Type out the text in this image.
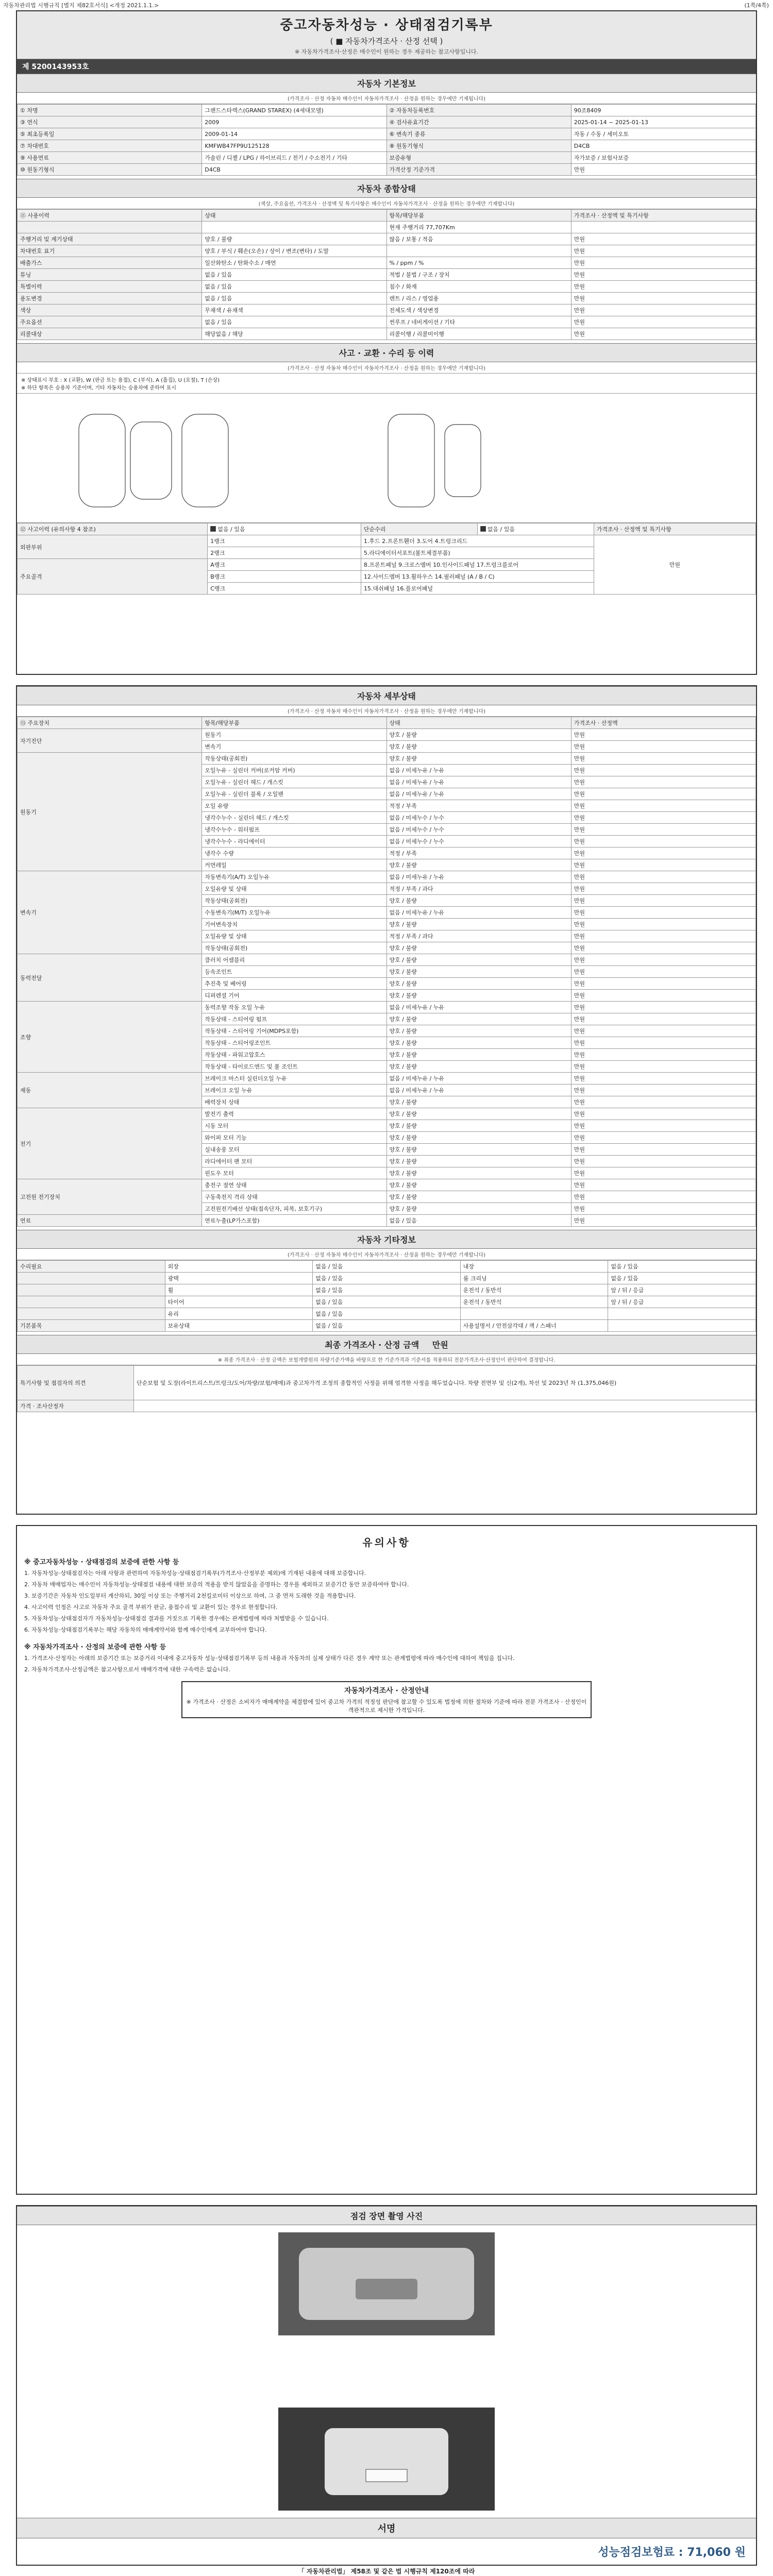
자동차관리법 시행규칙 [별지 제82호서식] <개정 2021.1.1.>	(1쪽/4쪽)
중고자동차성능 · 상태점검기록부
( ■ 자동차가격조사 · 산정 선택 )
※ 자동차가격조사·산정은 매수인이 원하는 경우 제공하는 참고사항입니다.
제 5200143953호
자동차 기본정보
(가격조사 · 산정 자동차 매수인이 자동차가격조사 · 산정을 원하는 경우에만 기재됩니다)
① 차명	그랜드스타렉스(GRAND STAREX) (4세대모델)	② 자동차등록번호	90조8409
③ 연식	2009	④ 검사유효기간	2025-01-14 ~ 2025-01-13
⑤ 최초등록일	2009-01-14	⑥ 변속기 종류	자동 / 수동 / 세미오토
⑦ 차대번호	KMFWB47FP9U125128	⑧ 원동기형식	D4CB
⑨ 사용연료	가솔린 / 디젤 / LPG / 하이브리드 / 전기 / 수소전기 / 기타	보증유형	자가보증 / 보험사보증
⑩ 원동기형식	D4CB	가격산정 기준가격	만원
자동차 종합상태
(색상, 주요옵션, 가격조사 · 산정액 및 특기사항은 매수인이 자동차가격조사 · 산정을 원하는 경우에만 기재합니다)
⑪ 사용이력	상태	항목/해당부품	가격조사 · 산정액 및 특기사항
		현재 주행거리 77,707Km	
주행거리 및 계기상태	양호 / 불량	많음 / 보통 / 적음	만원
차대번호 표기	양호 / 부식 / 훼손(오손) / 상이 / 변조(변타) / 도말		만원
배출가스	일산화탄소 / 탄화수소 / 매연	% / ppm / %	만원
튜닝	없음 / 있음	적법 / 불법 / 구조 / 장치	만원
특별이력	없음 / 있음	침수 / 화재	만원
용도변경	없음 / 있음	렌트 / 리스 / 영업용	만원
색상	무채색 / 유채색	전체도색 / 색상변경	만원
주요옵션	없음 / 있음	썬루프 / 네비게이션 / 기타	만원
리콜대상	해당없음 / 해당	리콜이행 / 리콜미이행	만원
사고 · 교환 · 수리 등 이력
(가격조사 · 산정 자동차 매수인이 자동차가격조사 · 산정을 원하는 경우에만 기재합니다)
※ 상태표시 부호 : X (교환), W (판금 또는 용접), C (부식), A (흠집), U (요철), T (손상)
※ 하단 항목은 승용차 기준이며, 기타 자동차는 승용차에 준하여 표시
⑫ 사고이력 (유의사항 4 참조)	없음 / 있음	단순수리	없음 / 있음	가격조사 · 산정액 및 특기사항
외판부위	1랭크	1.후드 2.프론트휀더 3.도어 4.트렁크리드		만원
	2랭크	5.라디에이터서포트(볼트체결부품)		
주요골격	A랭크	8.프론트패널 9.크로스멤버 10.인사이드패널 17.트렁크플로어		
	B랭크	12.사이드멤버 13.휠하우스 14.필러패널 (A / B / C)		
	C랭크	15.대쉬패널 16.플로어패널		
자동차 세부상태
(가격조사 · 산정 자동차 매수인이 자동차가격조사 · 산정을 원하는 경우에만 기재합니다)
⑬ 주요장치	항목/해당부품	상태	가격조사 · 산정액
자기진단	원동기	양호 / 불량	만원
	변속기	양호 / 불량	만원
원동기	작동상태(공회전)	양호 / 불량	만원
	오일누유 - 실린더 커버(로커암 커버)	없음 / 미세누유 / 누유	만원
	오일누유 - 실린더 헤드 / 개스킷	없음 / 미세누유 / 누유	만원
	오일누유 - 실린더 블록 / 오일팬	없음 / 미세누유 / 누유	만원
	오일 유량	적정 / 부족	만원
	냉각수누수 - 실린더 헤드 / 개스킷	없음 / 미세누수 / 누수	만원
	냉각수누수 - 워터펌프	없음 / 미세누수 / 누수	만원
	냉각수누수 - 라디에이터	없음 / 미세누수 / 누수	만원
	냉각수 수량	적정 / 부족	만원
	커먼레일	양호 / 불량	만원
변속기	자동변속기(A/T) 오일누유	없음 / 미세누유 / 누유	만원
	오일유량 및 상태	적정 / 부족 / 과다	만원
	작동상태(공회전)	양호 / 불량	만원
	수동변속기(M/T) 오일누유	없음 / 미세누유 / 누유	만원
	기어변속장치	양호 / 불량	만원
	오일유량 및 상태	적정 / 부족 / 과다	만원
	작동상태(공회전)	양호 / 불량	만원
동력전달	클러치 어셈블리	양호 / 불량	만원
	등속조인트	양호 / 불량	만원
	추진축 및 베어링	양호 / 불량	만원
	디퍼렌셜 기어	양호 / 불량	만원
조향	동력조향 작동 오일 누유	없음 / 미세누유 / 누유	만원
	작동상태 - 스티어링 펌프	양호 / 불량	만원
	작동상태 - 스티어링 기어(MDPS포함)	양호 / 불량	만원
	작동상태 - 스티어링조인트	양호 / 불량	만원
	작동상태 - 파워고압호스	양호 / 불량	만원
	작동상태 - 타이로드엔드 및 볼 조인트	양호 / 불량	만원
제동	브레이크 마스터 실린더오일 누유	없음 / 미세누유 / 누유	만원
	브레이크 오일 누유	없음 / 미세누유 / 누유	만원
	배력장치 상태	양호 / 불량	만원
전기	발전기 출력	양호 / 불량	만원
	시동 모터	양호 / 불량	만원
	와이퍼 모터 기능	양호 / 불량	만원
	실내송풍 모터	양호 / 불량	만원
	라디에이터 팬 모터	양호 / 불량	만원
	윈도우 모터	양호 / 불량	만원
고전원 전기장치	충전구 절연 상태	양호 / 불량	만원
	구동축전지 격리 상태	양호 / 불량	만원
	고전원전기배선 상태(접속단자, 피복, 보호기구)	양호 / 불량	만원
연료	연료누출(LP가스포함)	없음 / 있음	만원
자동차 기타정보
(가격조사 · 산정 자동차 매수인이 자동차가격조사 · 산정을 원하는 경우에만 기재합니다)
수리필요	외장	없음 / 있음	내장	없음 / 있음
	광택	없음 / 있음	룸 크리닝	없음 / 있음
	휠	없음 / 있음	운전석 / 동반석	앞 / 뒤 / 응급
	타이어	없음 / 있음	운전석 / 동반석	앞 / 뒤 / 응급
	유리	없음 / 있음		
기본품목	보유상태	없음 / 있음	사용설명서 / 안전삼각대 / 잭 / 스패너	
최종 가격조사 · 산정 금액 만원
※ 최종 가격조사 · 산정 금액은 보험개발원의 차량기준가액을 바탕으로 한 기준가격과 기준서를 적용하되 전문가격조사·산정인이 판단하여 결정합니다.
특기사항 및 점검자의 의견	단순보험 및 도장(라이트리스트/트렁크/도어/차량/보험/매매)과 중고차가격 조정의 종합적인 사정을 위해 엄격한 사정을 해두었습니다. 차량 전면부 및 신(2개), 차선 및 2023년 차 (1,375,046원)
가격 · 조사산정자	
유의사항
※ 중고자동차성능 · 상태점검의 보증에 관한 사항 등

1. 자동차성능·상태점검자는 아래 사항과 관련하여 자동차성능·상태점검기록부(가격조사·산정부분 제외)에 기재된 내용에 대해 보증합니다.

2. 자동차 매매업자는 매수인이 자동차성능·상태점검 내용에 대한 보증의 적용을 받지 않았음을 증명하는 경우를 제외하고 보증기간 동안 보증하여야 합니다.

3. 보증기간은 자동차 인도일부터 계산하되, 30일 이상 또는 주행거리 2천킬로미터 이상으로 하며, 그 중 먼저 도래한 것을 적용합니다.

4. 사고이력 인정은 사고로 자동차 주요 골격 부위가 판금, 용접수리 및 교환이 있는 경우로 한정합니다.

5. 자동차성능·상태점검자가 자동차성능·상태점검 결과를 거짓으로 기록한 경우에는 관계법령에 따라 처벌받을 수 있습니다.

6. 자동차성능·상태점검기록부는 해당 자동차의 매매계약서와 함께 매수인에게 교부하여야 합니다.

※ 자동차가격조사 · 산정의 보증에 관한 사항 등

1. 가격조사·산정자는 아래의 보증기간 또는 보증거리 이내에 중고자동차 성능·상태점검기록부 등의 내용과 자동차의 실제 상태가 다른 경우 계약 또는 관계법령에 따라 매수인에 대하여 책임을 집니다.

2. 자동차가격조사·산정금액은 참고사항으로서 매매가격에 대한 구속력은 없습니다.

자동차가격조사 · 산정안내
※ 가격조사 · 산정은 소비자가 매매계약을 체결함에 있어 중고차 가격의 적정성 판단에 참고할 수 있도록 법정에 의한 절차와 기준에 따라 전문 가격조사 · 산정인이 객관적으로 제시한 가격입니다.
점검 장면 촬영 사진
서명
성능점검보험료 : 71,060 원
「 자동차관리법」 제58조 및 같은 법 시행규칙 제120조에 따라
